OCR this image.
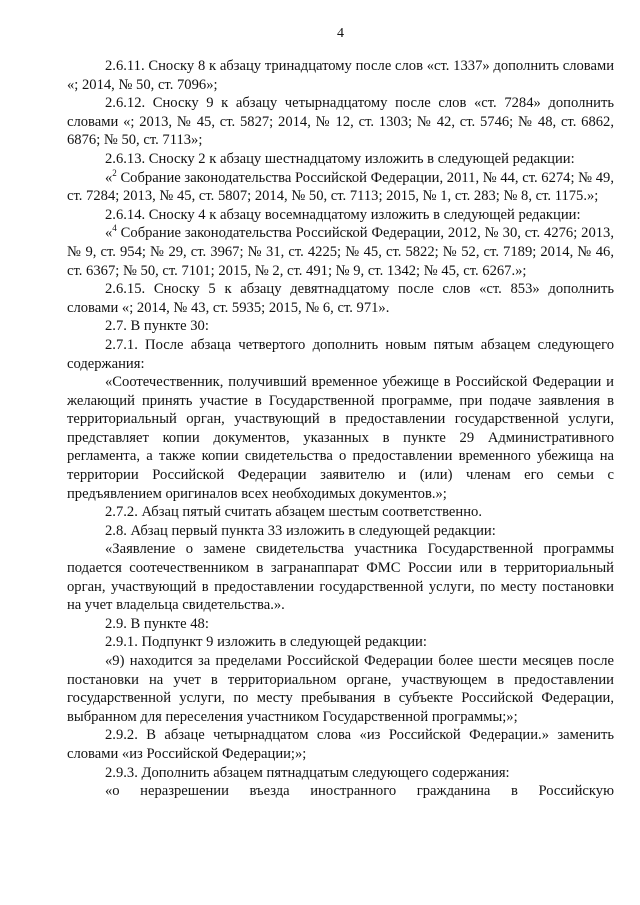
4

2.6.11. Сноску 8 к абзацу тринадцатому после слов «ст. 1337» дополнить словами «; 2014, № 50, ст. 7096»;

2.6.12. Сноску 9 к абзацу четырнадцатому после слов «ст. 7284» дополнить словами «; 2013, № 45, ст. 5827; 2014, № 12, ст. 1303; № 42, ст. 5746; № 48, ст. 6862, 6876; № 50, ст. 7113»;

2.6.13. Сноску 2 к абзацу шестнадцатому изложить в следующей редакции:

«$^2$ Собрание законодательства Российской Федерации, 2011, № 44, ст. 6274; № 49, ст. 7284; 2013, № 45, ст. 5807; 2014, № 50, ст. 7113; 2015, № 1, ст. 283; № 8, ст. 1175.»;

2.6.14. Сноску 4 к абзацу восемнадцатому изложить в следующей редакции:

«$^4$ Собрание законодательства Российской Федерации, 2012, № 30, ст. 4276; 2013, № 9, ст. 954; № 29, ст. 3967; № 31, ст. 4225; № 45, ст. 5822; № 52, ст. 7189; 2014, № 46, ст. 6367; № 50, ст. 7101; 2015, № 2, ст. 491; № 9, ст. 1342; № 45, ст. 6267.»;

2.6.15. Сноску 5 к абзацу девятнадцатому после слов «ст. 853» дополнить словами «; 2014, № 43, ст. 5935; 2015, № 6, ст. 971».

2.7. В пункте 30:

2.7.1. После абзаца четвертого дополнить новым пятым абзацем следующего содержания:

«Соотечественник, получивший временное убежище в Российской Федерации и желающий принять участие в Государственной программе, при подаче заявления в территориальный орган, участвующий в предоставлении государственной услуги, представляет копии документов, указанных в пункте 29 Административного регламента, а также копии свидетельства о предоставлении временного убежища на территории Российской Федерации заявителю и (или) членам его семьи с предъявлением оригиналов всех необходимых документов.»;

2.7.2. Абзац пятый считать абзацем шестым соответственно.

2.8. Абзац первый пункта 33 изложить в следующей редакции:

«Заявление о замене свидетельства участника Государственной программы подается соотечественником в загранаппарат ФМС России или в территориальный орган, участвующий в предоставлении государственной услуги, по месту постановки на учет владельца свидетельства.».

2.9. В пункте 48:

2.9.1. Подпункт 9 изложить в следующей редакции:

«9) находится за пределами Российской Федерации более шести месяцев после постановки на учет в территориальном органе, участвующем в предоставлении государственной услуги, по месту пребывания в субъекте Российской Федерации, выбранном для переселения участником Государственной программы;»;

2.9.2. В абзаце четырнадцатом слова «из Российской Федерации.» заменить словами «из Российской Федерации;»;

2.9.3. Дополнить абзацем пятнадцатым следующего содержания:

«о неразрешении въезда иностранного гражданина в Российскую
